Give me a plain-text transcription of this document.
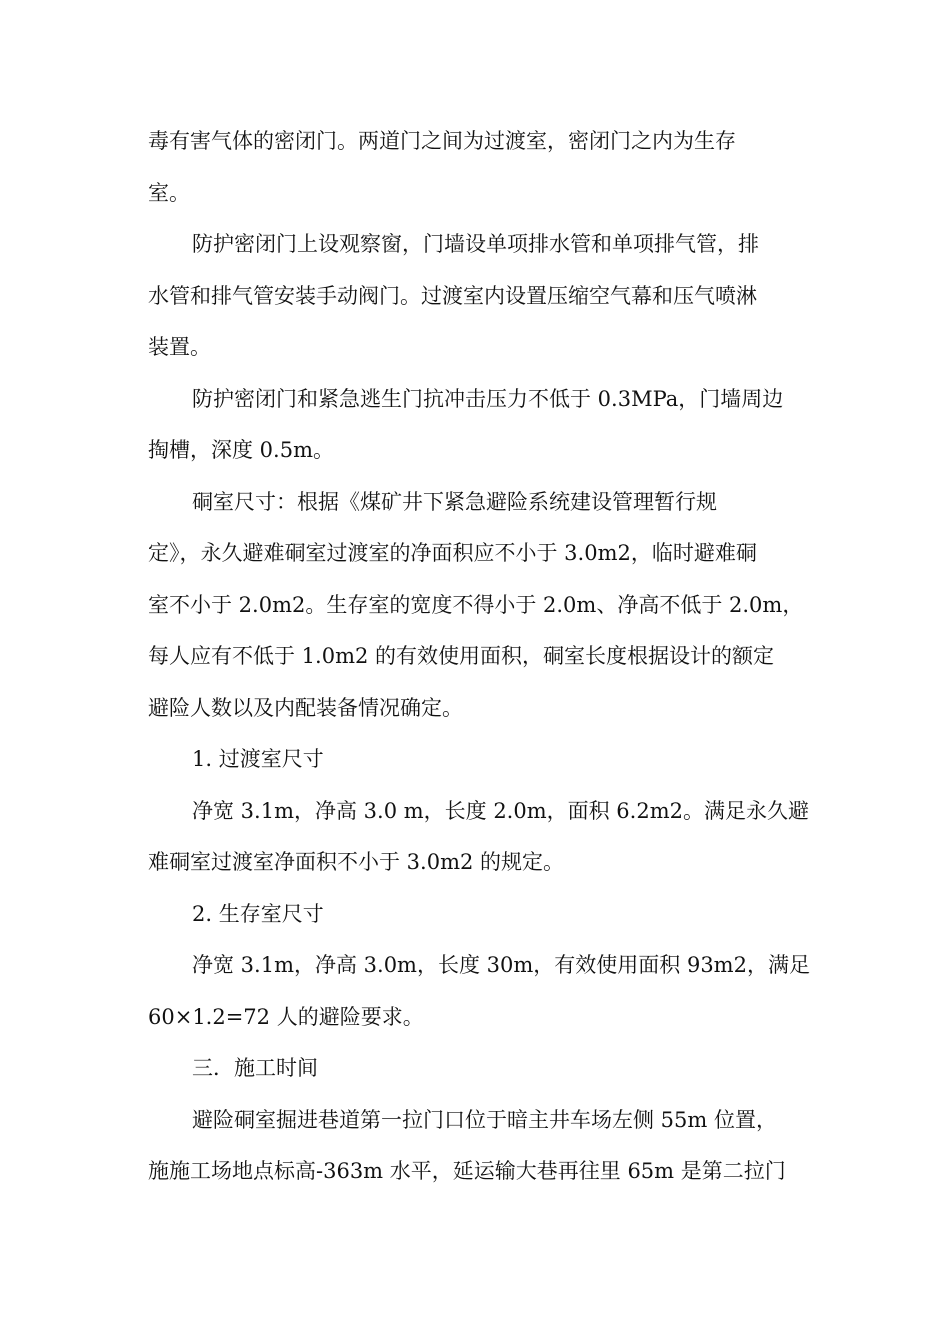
毒有害气体的密闭门。两道门之间为过渡室，密闭门之内为生存
室。

防护密闭门上设观察窗，门墙设单项排水管和单项排气管，排
水管和排气管安装手动阀门。过渡室内设置压缩空气幕和压气喷淋
装置。

防护密闭门和紧急逃生门抗冲击压力不低于 0.3MPa，门墙周边
掏槽，深度 0.5m。

硐室尺寸：根据《煤矿井下紧急避险系统建设管理暂行规
定》，永久避难硐室过渡室的净面积应不小于 3.0m2，临时避难硐
室不小于 2.0m2。生存室的宽度不得小于 2.0m、净高不低于 2.0m，
每人应有不低于 1.0m2 的有效使用面积，硐室长度根据设计的额定
避险人数以及内配装备情况确定。

1. 过渡室尺寸

净宽 3.1m，净高 3.0 m，长度 2.0m，面积 6.2m2。满足永久避
难硐室过渡室净面积不小于 3.0m2 的规定。

2. 生存室尺寸

净宽 3.1m，净高 3.0m，长度 30m，有效使用面积 93m2，满足
60×1.2=72 人的避险要求。

三．施工时间

避险硐室掘进巷道第一拉门口位于暗主井车场左侧 55m 位置，
施施工场地点标高-363m 水平，延运输大巷再往里 65m 是第二拉门
